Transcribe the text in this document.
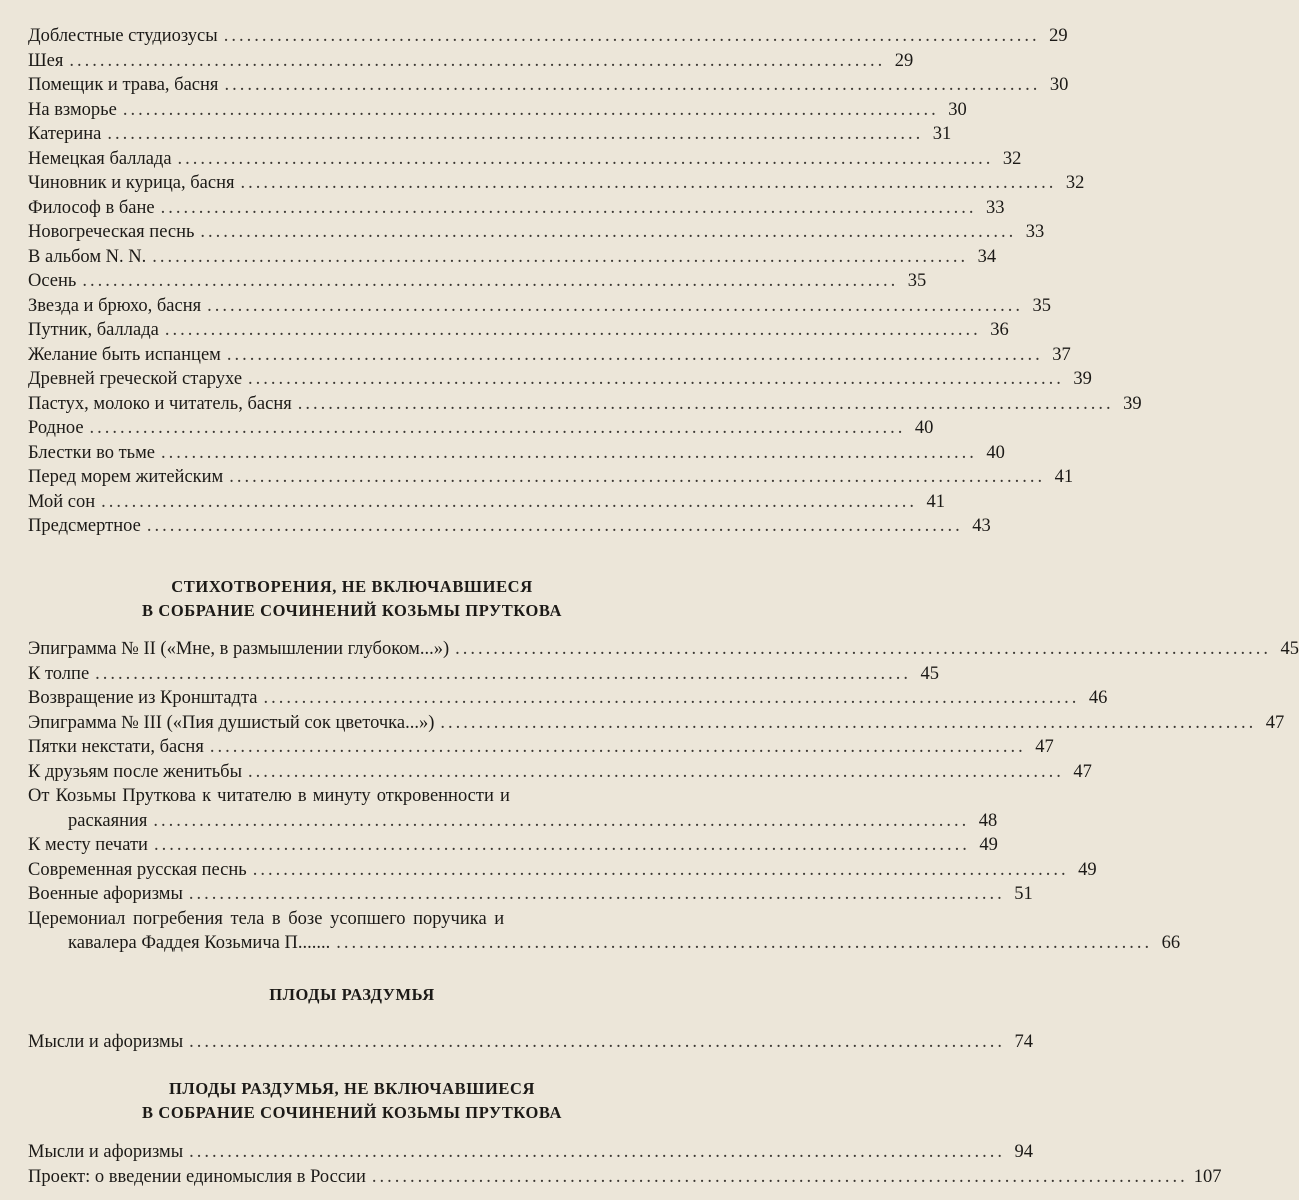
Доблестные студиозусы ........................................................................................................... 29
Шея ........................................................................................................... 29
Помещик и трава, басня ........................................................................................................... 30
На взморье ........................................................................................................... 30
Катерина ........................................................................................................... 31
Немецкая баллада ........................................................................................................... 32
Чиновник и курица, басня ........................................................................................................... 32
Философ в бане ........................................................................................................... 33
Новогреческая песнь ........................................................................................................... 33
В альбом N. N. ........................................................................................................... 34
Осень ........................................................................................................... 35
Звезда и брюхо, басня ........................................................................................................... 35
Путник, баллада ........................................................................................................... 36
Желание быть испанцем ........................................................................................................... 37
Древней греческой старухе ........................................................................................................... 39
Пастух, молоко и читатель, басня ........................................................................................................... 39
Родное ........................................................................................................... 40
Блестки во тьме ........................................................................................................... 40
Перед морем житейским ........................................................................................................... 41
Мой сон ........................................................................................................... 41
Предсмертное ........................................................................................................... 43
СТИХОТВОРЕНИЯ, НЕ ВКЛЮЧАВШИЕСЯ
В СОБРАНИЕ СОЧИНЕНИЙ КОЗЬМЫ ПРУТКОВА
Эпиграмма № II («Мне, в размышлении глубоком...») ........................................................................................................... 45
К толпе ........................................................................................................... 45
Возвращение из Кронштадта ........................................................................................................... 46
Эпиграмма № III («Пия душистый сок цветочка...») ........................................................................................................... 47
Пятки некстати, басня ........................................................................................................... 47
К друзьям после женитьбы ........................................................................................................... 47
От Козьмы Пруткова к читателю в минуту откровенности и
раскаяния ........................................................................................................... 48
К месту печати ........................................................................................................... 49
Современная русская песнь ........................................................................................................... 49
Военные афоризмы ........................................................................................................... 51
Церемониал погребения тела в бозе усопшего поручика и
кавалера Фаддея Козьмича П....... ........................................................................................................... 66
ПЛОДЫ РАЗДУМЬЯ
Мысли и афоризмы ........................................................................................................... 74
ПЛОДЫ РАЗДУМЬЯ, НЕ ВКЛЮЧАВШИЕСЯ
В СОБРАНИЕ СОЧИНЕНИЙ КОЗЬМЫ ПРУТКОВА
Мысли и афоризмы ........................................................................................................... 94
Проект: о введении единомыслия в России ........................................................................................................... 107
